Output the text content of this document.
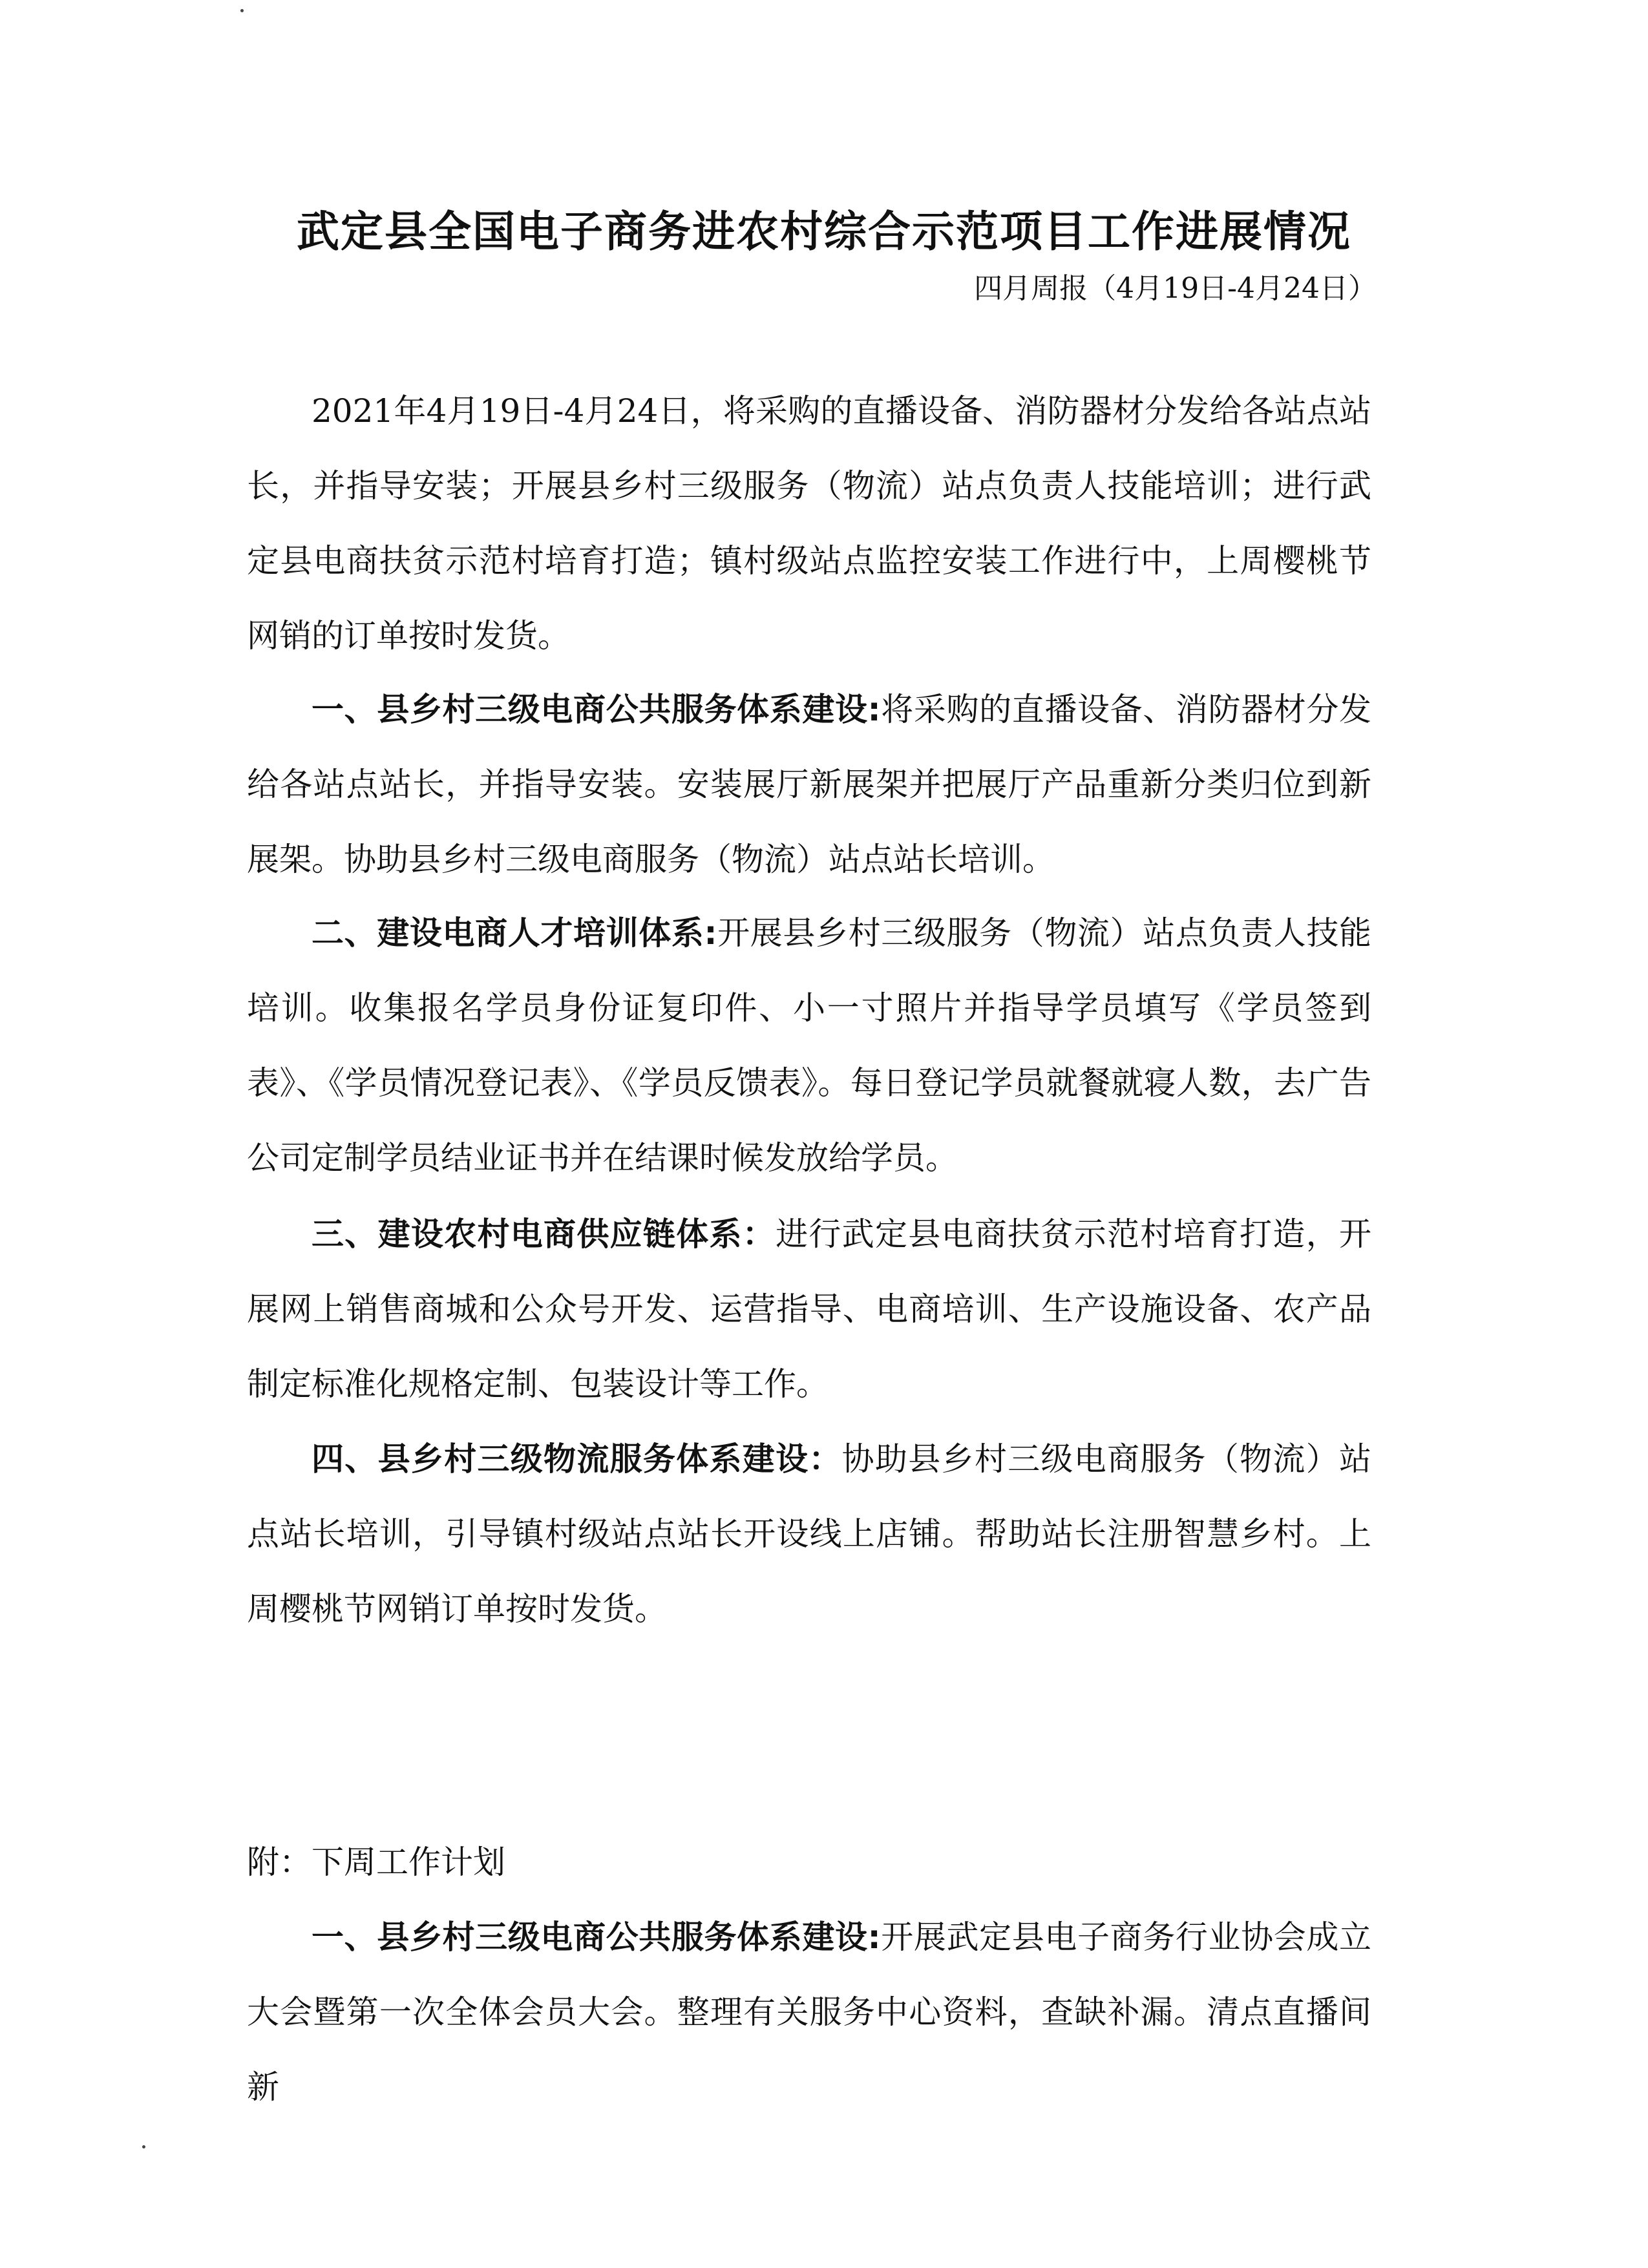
武定县全国电子商务进农村综合示范项目工作进展情况
四月周报（4月19日-4月24日）

2021年4月19日-4月24日，将采购的直播设备、消防器材分发给各站点站长，并指导安装；开展县乡村三级服务（物流）站点负责人技能培训；进行武定县电商扶贫示范村培育打造；镇村级站点监控安装工作进行中，上周樱桃节网销的订单按时发货。

一、县乡村三级电商公共服务体系建设:将采购的直播设备、消防器材分发给各站点站长，并指导安装。安装展厅新展架并把展厅产品重新分类归位到新展架。协助县乡村三级电商服务（物流）站点站长培训。

二、建设电商人才培训体系:开展县乡村三级服务（物流）站点负责人技能培训。收集报名学员身份证复印件、小一寸照片并指导学员填写《学员签到表》、《学员情况登记表》、《学员反馈表》。每日登记学员就餐就寝人数，去广告公司定制学员结业证书并在结课时候发放给学员。

三、建设农村电商供应链体系：进行武定县电商扶贫示范村培育打造，开展网上销售商城和公众号开发、运营指导、电商培训、生产设施设备、农产品制定标准化规格定制、包装设计等工作。

四、县乡村三级物流服务体系建设：协助县乡村三级电商服务（物流）站点站长培训，引导镇村级站点站长开设线上店铺。帮助站长注册智慧乡村。上周樱桃节网销订单按时发货。

附：下周工作计划

一、县乡村三级电商公共服务体系建设:开展武定县电子商务行业协会成立大会暨第一次全体会员大会。整理有关服务中心资料，查缺补漏。清点直播间新
